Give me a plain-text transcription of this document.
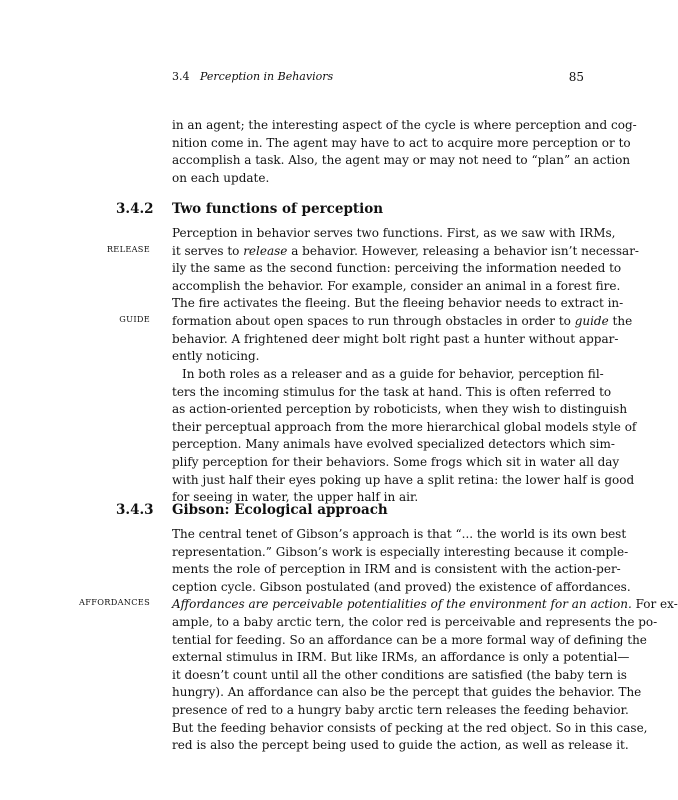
3.4 Perception in Behaviors	85
in an agent; the interesting aspect of the cycle is where perception and cog-
nition come in. The agent may have to act to acquire more perception or to
accomplish a task. Also, the agent may or may not need to “plan” an action
on each update.
3.4.2 Two functions of perception
RELEASE
GUIDE
Perception in behavior serves two functions. First, as we saw with IRMs,
it serves to release a behavior. However, releasing a behavior isn’t necessar-
ily the same as the second function: perceiving the information needed to
accomplish the behavior. For example, consider an animal in a forest fire.
The fire activates the fleeing. But the fleeing behavior needs to extract in-
formation about open spaces to run through obstacles in order to guide the
behavior. A frightened deer might bolt right past a hunter without appar-
ently noticing.
In both roles as a releaser and as a guide for behavior, perception fil-
ters the incoming stimulus for the task at hand. This is often referred to
as action-oriented perception by roboticists, when they wish to distinguish
their perceptual approach from the more hierarchical global models style of
perception. Many animals have evolved specialized detectors which sim-
plify perception for their behaviors. Some frogs which sit in water all day
with just half their eyes poking up have a split retina: the lower half is good
for seeing in water, the upper half in air.
3.4.3 Gibson: Ecological approach
AFFORDANCES
The central tenet of Gibson’s approach is that “... the world is its own best
representation.” Gibson’s work is especially interesting because it comple-
ments the role of perception in IRM and is consistent with the action-per-
ception cycle. Gibson postulated (and proved) the existence of affordances.
Affordances are perceivable potentialities of the environment for an action. For ex-
ample, to a baby arctic tern, the color red is perceivable and represents the po-
tential for feeding. So an affordance can be a more formal way of defining the
external stimulus in IRM. But like IRMs, an affordance is only a potential—
it doesn’t count until all the other conditions are satisfied (the baby tern is
hungry). An affordance can also be the percept that guides the behavior. The
presence of red to a hungry baby arctic tern releases the feeding behavior.
But the feeding behavior consists of pecking at the red object. So in this case,
red is also the percept being used to guide the action, as well as release it.
